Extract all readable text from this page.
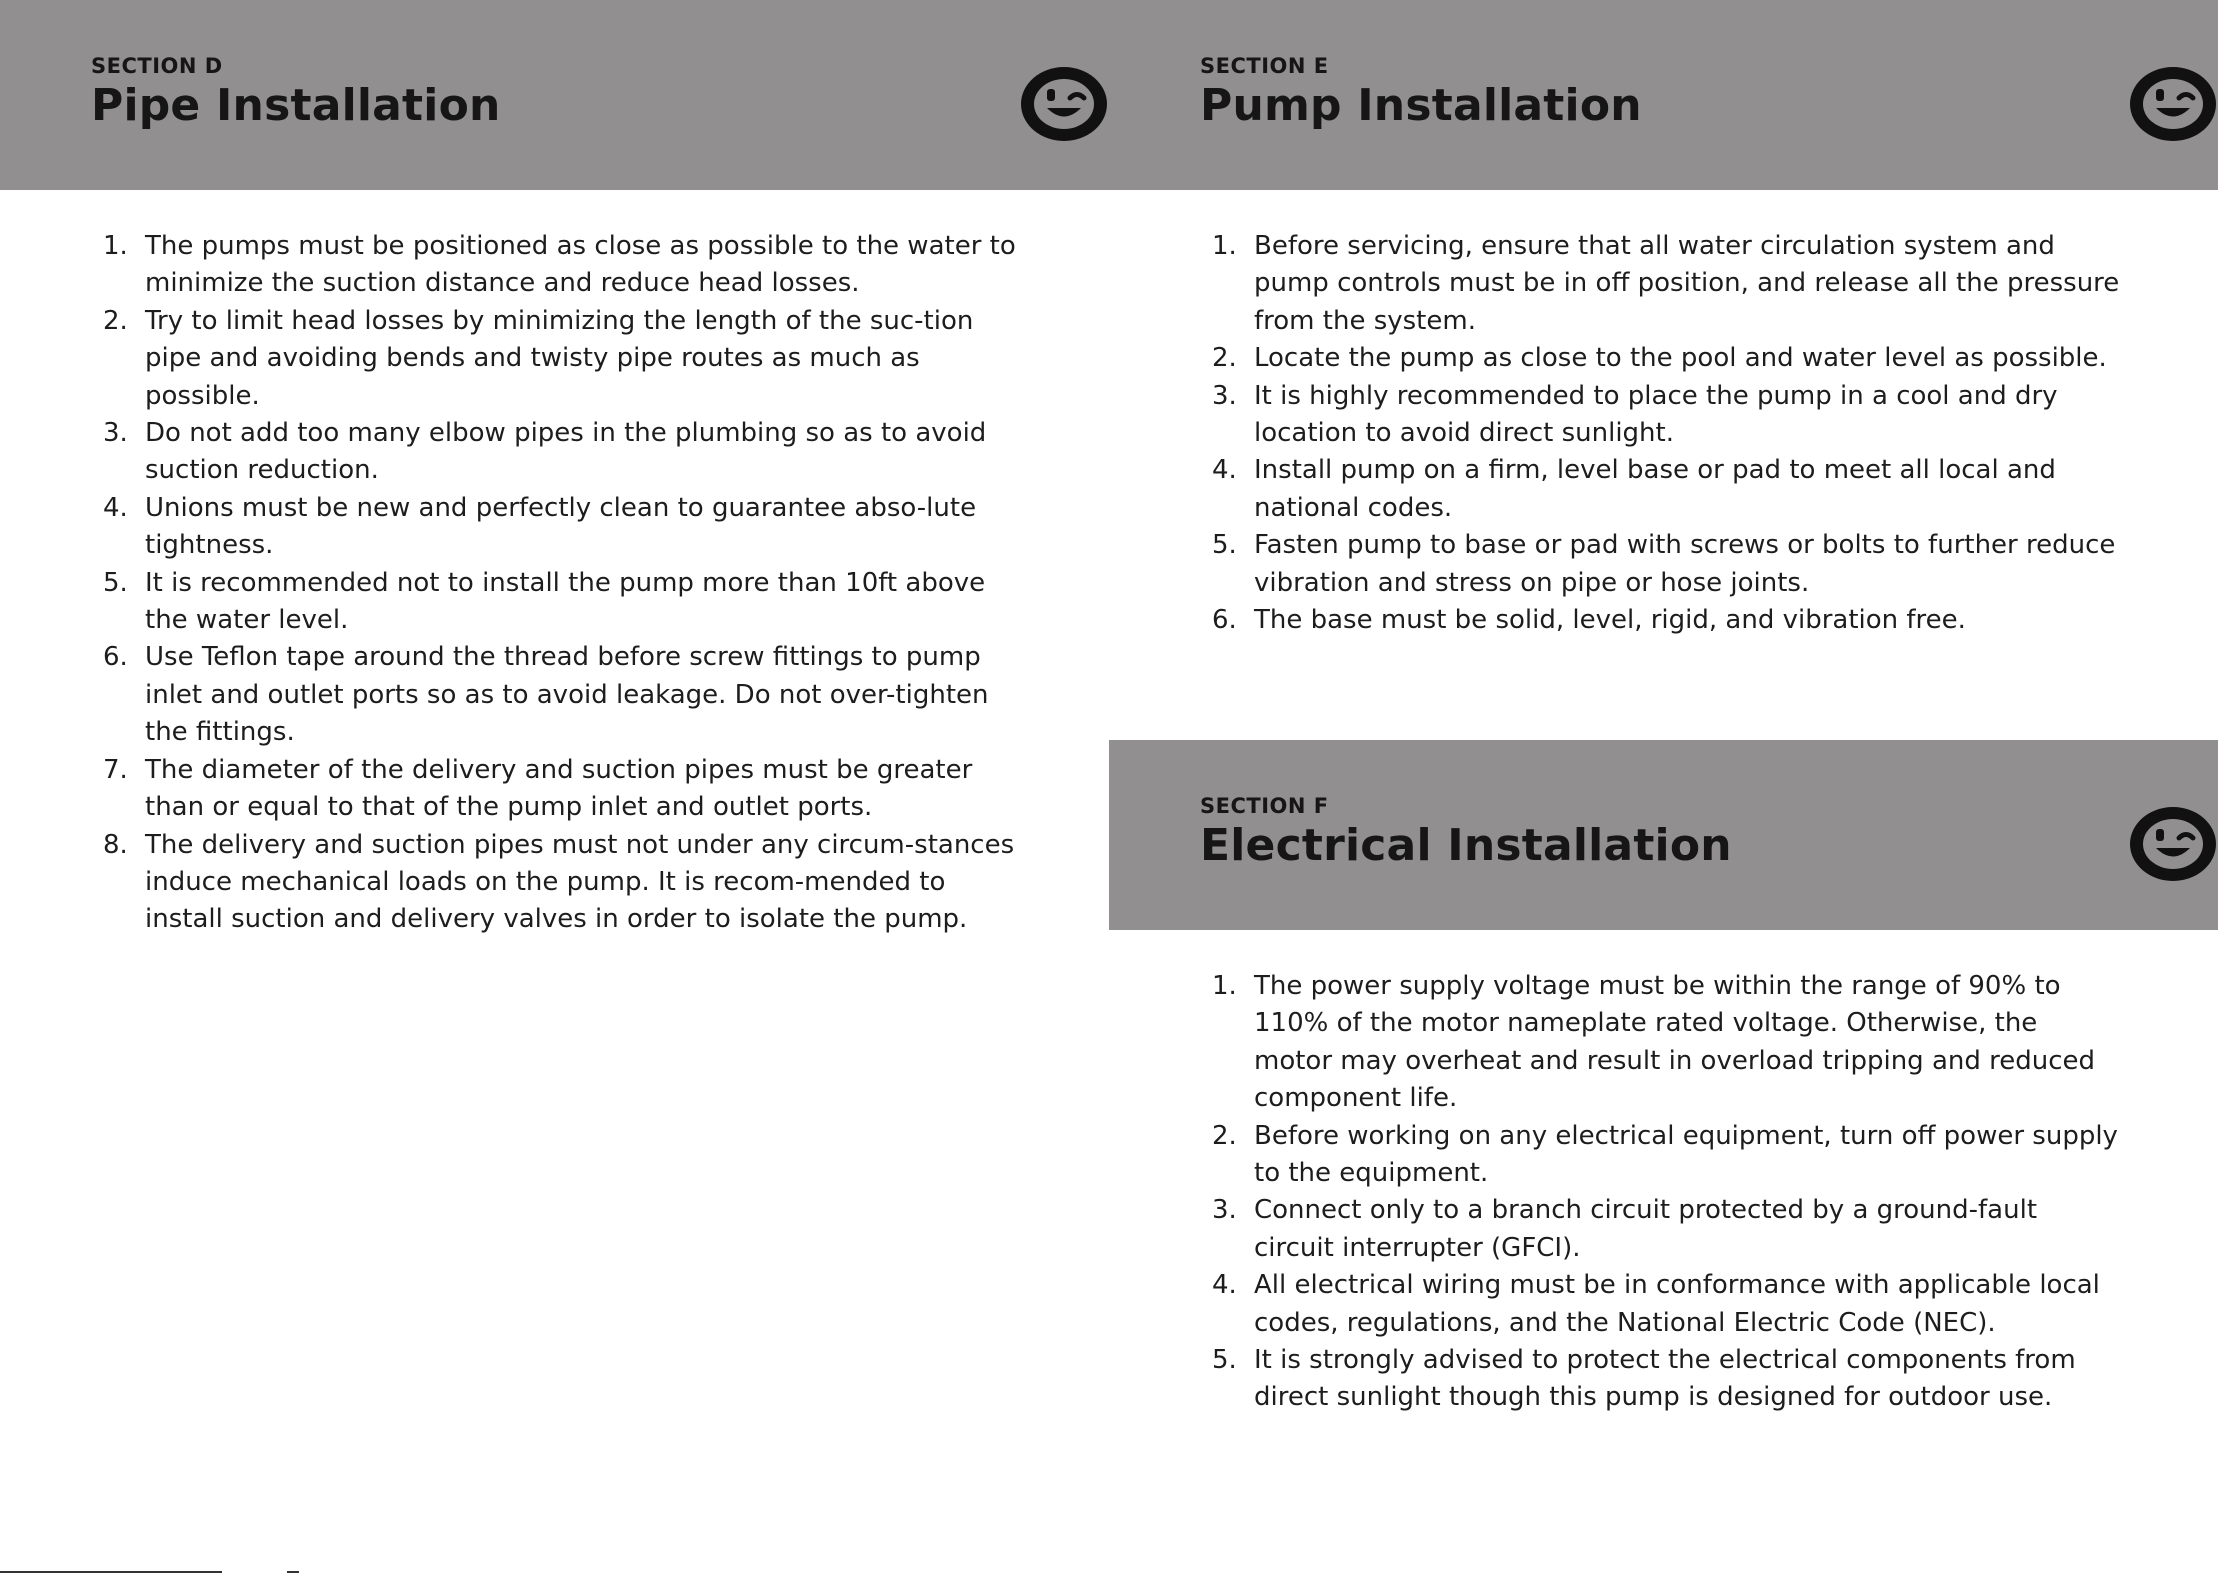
SECTION D
Pipe Installation
1. The pumps must be positioned as close as possible to the water to minimize the suction distance and reduce head losses.
2. Try to limit head losses by minimizing the length of the suc-tion pipe and avoiding bends and twisty pipe routes as much as possible.
3. Do not add too many elbow pipes in the plumbing so as to avoid suction reduction.
4. Unions must be new and perfectly clean to guarantee abso-lute tightness.
5. It is recommended not to install the pump more than 10ft above the water level.
6. Use Teflon tape around the thread before screw fittings to pump inlet and outlet ports so as to avoid leakage. Do not over-tighten the fittings.
7. The diameter of the delivery and suction pipes must be greater than or equal to that of the pump inlet and outlet ports.
8. The delivery and suction pipes must not under any circum-stances induce mechanical loads on the pump. It is recom-mended to install suction and delivery valves in order to isolate the pump.
SECTION E
Pump Installation
1. Before servicing, ensure that all water circulation system and pump controls must be in off position, and release all the pressure from the system.
2. Locate the pump as close to the pool and water level as possible.
3. It is highly recommended to place the pump in a cool and dry location to avoid direct sunlight.
4. Install pump on a firm, level base or pad to meet all local and national codes.
5. Fasten pump to base or pad with screws or bolts to further reduce vibration and stress on pipe or hose joints.
6. The base must be solid, level, rigid, and vibration free.
SECTION F
Electrical Installation
1. The power supply voltage must be within the range of 90% to 110% of the motor nameplate rated voltage. Otherwise, the motor may overheat and result in overload tripping and reduced component life.
2. Before working on any electrical equipment, turn off power supply to the equipment.
3. Connect only to a branch circuit protected by a ground-fault circuit interrupter (GFCI).
4. All electrical wiring must be in conformance with applicable local codes, regulations, and the National Electric Code (NEC).
5. It is strongly advised to protect the electrical components from direct sunlight though this pump is designed for outdoor use.
